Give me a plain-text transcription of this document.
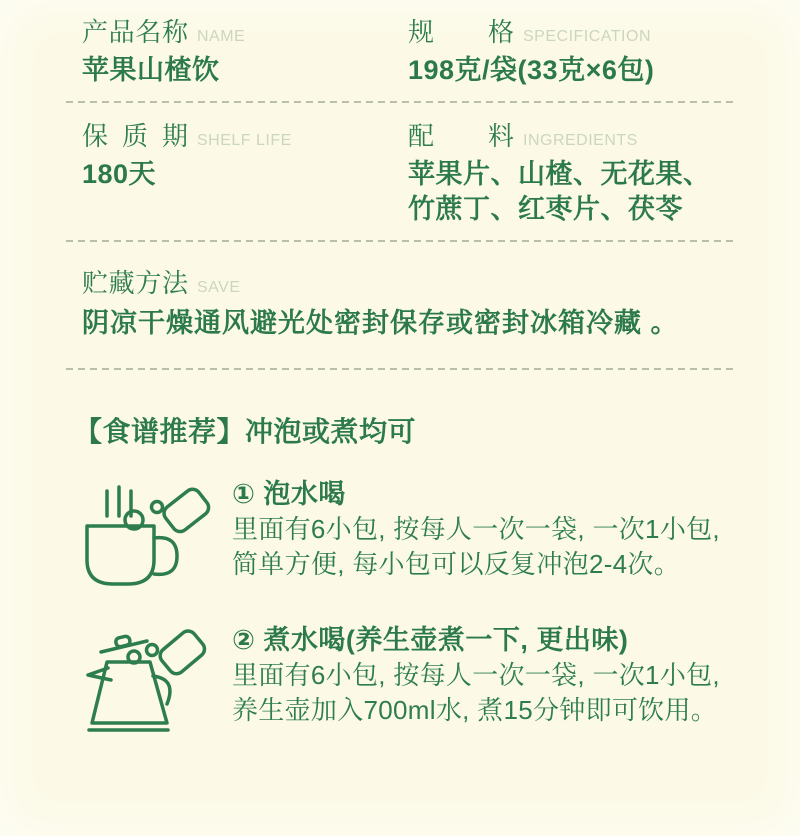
产品名称 NAME
苹果山楂饮
规格 SPECIFICATION
198克/袋(33克×6包)
保质期 SHELF LIFE
180天
配料 INGREDIENTS
苹果片、山楂、无花果、
竹蔗丁、红枣片、茯苓
贮藏方法 SAVE
阴凉干燥通风避光处密封保存或密封冰箱冷藏 。
【食谱推荐】冲泡或煮均可
① 泡水喝
里面有6小包, 按每人一次一袋, 一次1小包,
简单方便, 每小包可以反复冲泡2-4次。
② 煮水喝(养生壶煮一下, 更出味)
里面有6小包, 按每人一次一袋, 一次1小包,
养生壶加入700ml水, 煮15分钟即可饮用。
